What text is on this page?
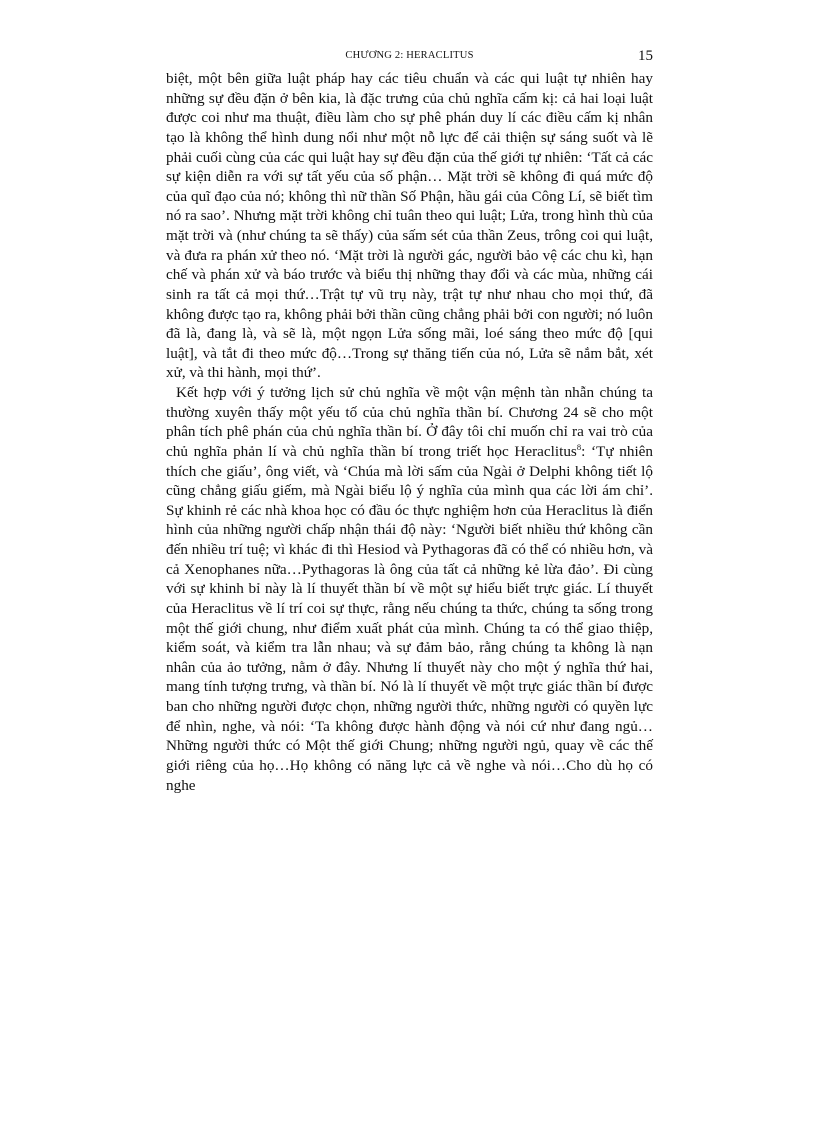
CHƯƠNG 2: HERACLITUS	15

biệt, một bên giữa luật pháp hay các tiêu chuẩn và các qui luật tự nhiên hay những sự đều đặn ở bên kia, là đặc trưng của chủ nghĩa cấm kị: cả hai loại luật được coi như ma thuật, điều làm cho sự phê phán duy lí các điều cấm kị nhân tạo là không thể hình dung nổi như một nỗ lực để cải thiện sự sáng suốt và lẽ phải cuối cùng của các qui luật hay sự đều đặn của thế giới tự nhiên: ‘Tất cả các sự kiện diễn ra với sự tất yếu của số phận… Mặt trời sẽ không đi quá mức độ của quĩ đạo của nó; không thì nữ thần Số Phận, hầu gái của Công Lí, sẽ biết tìm nó ra sao’. Nhưng mặt trời không chỉ tuân theo qui luật; Lửa, trong hình thù của mặt trời và (như chúng ta sẽ thấy) của sấm sét của thần Zeus, trông coi qui luật, và đưa ra phán xử theo nó. ‘Mặt trời là người gác, người bảo vệ các chu kì, hạn chế và phán xử và báo trước và biểu thị những thay đổi và các mùa, những cái sinh ra tất cả mọi thứ…Trật tự vũ trụ này, trật tự như nhau cho mọi thứ, đã không được tạo ra, không phải bởi thần cũng chẳng phải bởi con người; nó luôn đã là, đang là, và sẽ là, một ngọn Lửa sống mãi, loé sáng theo mức độ [qui luật], và tắt đi theo mức độ…Trong sự thăng tiến của nó, Lửa sẽ nắm bắt, xét xử, và thi hành, mọi thứ’.

Kết hợp với ý tưởng lịch sử chủ nghĩa về một vận mệnh tàn nhẫn chúng ta thường xuyên thấy một yếu tố của chủ nghĩa thần bí. Chương 24 sẽ cho một phân tích phê phán của chủ nghĩa thần bí. Ở đây tôi chỉ muốn chỉ ra vai trò của chủ nghĩa phản lí và chủ nghĩa thần bí trong triết học Heraclitus$^8$: ‘Tự nhiên thích che giấu’, ông viết, và ‘Chúa mà lời sấm của Ngài ở Delphi không tiết lộ cũng chẳng giấu giếm, mà Ngài biểu lộ ý nghĩa của mình qua các lời ám chỉ’. Sự khinh rẻ các nhà khoa học có đầu óc thực nghiệm hơn của Heraclitus là điển hình của những người chấp nhận thái độ này: ‘Người biết nhiều thứ không cần đến nhiều trí tuệ; vì khác đi thì Hesiod và Pythagoras đã có thể có nhiều hơn, và cả Xenophanes nữa…Pythagoras là ông của tất cả những kẻ lừa đảo’. Đi cùng với sự khinh bỉ này là lí thuyết thần bí về một sự hiểu biết trực giác. Lí thuyết của Heraclitus về lí trí coi sự thực, rằng nếu chúng ta thức, chúng ta sống trong một thế giới chung, như điểm xuất phát của mình. Chúng ta có thể giao thiệp, kiểm soát, và kiểm tra lẫn nhau; và sự đảm bảo, rằng chúng ta không là nạn nhân của ảo tưởng, nằm ở đây. Nhưng lí thuyết này cho một ý nghĩa thứ hai, mang tính tượng trưng, và thần bí. Nó là lí thuyết về một trực giác thần bí được ban cho những người được chọn, những người thức, những người có quyền lực để nhìn, nghe, và nói: ‘Ta không được hành động và nói cứ như đang ngủ…Những người thức có Một thế giới Chung; những người ngủ, quay về các thế giới riêng của họ…Họ không có năng lực cả về nghe và nói…Cho dù họ có nghe
